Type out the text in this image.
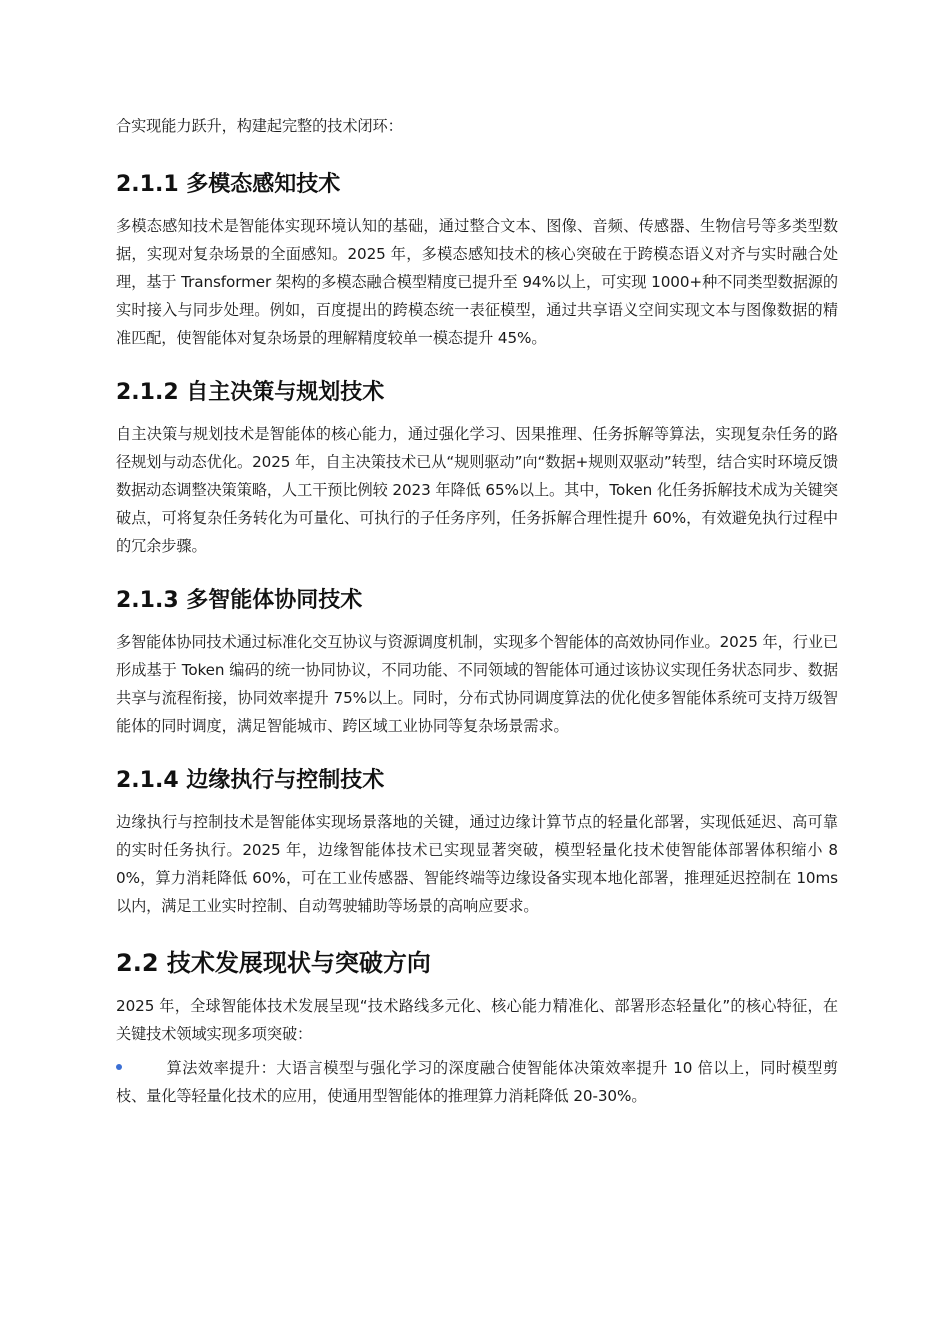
合实现能力跃升，构建起完整的技术闭环：

2.1.1 多模态感知技术

多模态感知技术是智能体实现环境认知的基础，通过整合文本、图像、音频、传感器、生物信号等多类型数据，实现对复杂场景的全面感知。2025 年，多模态感知技术的核心突破在于跨模态语义对齐与实时融合处理，基于 Transformer 架构的多模态融合模型精度已提升至 94%以上，可实现 1000+种不同类型数据源的实时接入与同步处理。例如，百度提出的跨模态统一表征模型，通过共享语义空间实现文本与图像数据的精准匹配，使智能体对复杂场景的理解精度较单一模态提升 45%。

2.1.2 自主决策与规划技术

自主决策与规划技术是智能体的核心能力，通过强化学习、因果推理、任务拆解等算法，实现复杂任务的路径规划与动态优化。2025 年，自主决策技术已从“规则驱动”向“数据+规则双驱动”转型，结合实时环境反馈数据动态调整决策策略，人工干预比例较 2023 年降低 65%以上。其中，Token 化任务拆解技术成为关键突破点，可将复杂任务转化为可量化、可执行的子任务序列，任务拆解合理性提升 60%，有效避免执行过程中的冗余步骤。

2.1.3 多智能体协同技术

多智能体协同技术通过标准化交互协议与资源调度机制，实现多个智能体的高效协同作业。2025 年，行业已形成基于 Token 编码的统一协同协议，不同功能、不同领域的智能体可通过该协议实现任务状态同步、数据共享与流程衔接，协同效率提升 75%以上。同时，分布式协同调度算法的优化使多智能体系统可支持万级智能体的同时调度，满足智能城市、跨区域工业协同等复杂场景需求。

2.1.4 边缘执行与控制技术

边缘执行与控制技术是智能体实现场景落地的关键，通过边缘计算节点的轻量化部署，实现低延迟、高可靠的实时任务执行。2025 年，边缘智能体技术已实现显著突破，模型轻量化技术使智能体部署体积缩小 80%，算力消耗降低 60%，可在工业传感器、智能终端等边缘设备实现本地化部署，推理延迟控制在 10ms 以内，满足工业实时控制、自动驾驶辅助等场景的高响应要求。

2.2 技术发展现状与突破方向

2025 年，全球智能体技术发展呈现“技术路线多元化、核心能力精准化、部署形态轻量化”的核心特征，在关键技术领域实现多项突破：

算法效率提升：大语言模型与强化学习的深度融合使智能体决策效率提升 10 倍以上，同时模型剪枝、量化等轻量化技术的应用，使通用型智能体的推理算力消耗降低 20-30%。
